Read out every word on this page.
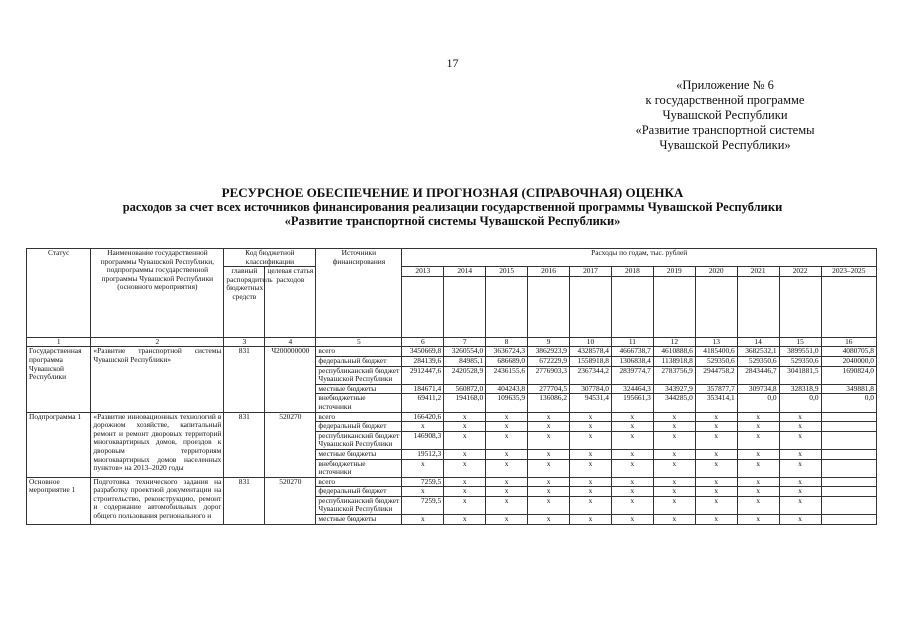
17
«Приложение № 6
к государственной программе
Чувашской Республики
«Развитие транспортной системы
Чувашской Республики»
РЕСУРСНОЕ ОБЕСПЕЧЕНИЕ И ПРОГНОЗНАЯ (СПРАВОЧНАЯ) ОЦЕНКА
расходов за счет всех источников финансирования реализации государственной программы Чувашской Республики
«Развитие транспортной системы Чувашской Республики»
Статус	Наименование государственной программы Чувашской Республики, подпрограммы государственной программы Чувашской Республики (основного мероприятия)	Код бюджетной классификации		Источники финансирования	Расходы по годам, тыс. рублей										
		главный распорядитель бюджетных средств	целевая статья расходов		2013	2014	2015	2016	2017	2018	2019	2020	2021	2022	2023–2025

1	2	3	4	5	6	7	8	9	10	11	12	13	14	15	16
Государственная программа Чувашской Республики	«Развитие транспортной системы Чувашской Республики»	831	Ч200000000	всего	3450669,8	3260554,0	3636724,3	3862923,9	4328578,4	4666738,7	4610888,6	4185400,6	3682532,1	3899551,0	4080705,8
				федеральный бюджет	284139,6	84985,1	686689,0	672229,9	1558918,8	1306838,4	1138918,8	529350,6	529350,6	529350,6	2040000,0
				республиканский бюджет Чувашской Республики	2912447,6	2420528,9	2436155,6	2776903,3	2367344,2	2839774,7	2783756,9	2944758,2	2843446,7	3041881,5	1690824,0
				местные бюджеты	184671,4	560872,0	404243,8	277704,5	307784,0	324464,3	343927,9	357877,7	309734,8	328318,9	349881,8
				внебюджетные источники	69411,2	194168,0	109635,9	136086,2	94531,4	195661,3	344285,0	353414,1	0,0	0,0	0,0
Подпрограмма 1	«Развитие инновационных технологий в дорожном хозяйстве, капитальный ремонт и ремонт дворовых территорий многоквартирных домов, проездов к дворовым территориям многоквартирных домов населенных пунктов» на 2013–2020 годы	831	520270	всего	166420,6	x	x	x	x	x	x	x	x	x	
				федеральный бюджет	x	x	x	x	x	x	x	x	x	x	
				республиканский бюджет Чувашской Республики	146908,3	x	x	x	x	x	x	x	x	x	
				местные бюджеты	19512,3	x	x	x	x	x	x	x	x	x	
				внебюджетные источники	x	x	x	x	x	x	x	x	x	x	
Основное мероприятие 1	Подготовка технического задания на разработку проектной документации на строительство, реконструкцию, ремонт и содержание автомобильных дорог общего пользования регионального и	831	520270	всего	7259,5	x	x	x	x	x	x	x	x	x	
				федеральный бюджет	x	x	x	x	x	x	x	x	x	x	
				республиканский бюджет Чувашской Республики	7259,5	x	x	x	x	x	x	x	x	x	
				местные бюджеты	x	x	x	x	x	x	x	x	x	x	
